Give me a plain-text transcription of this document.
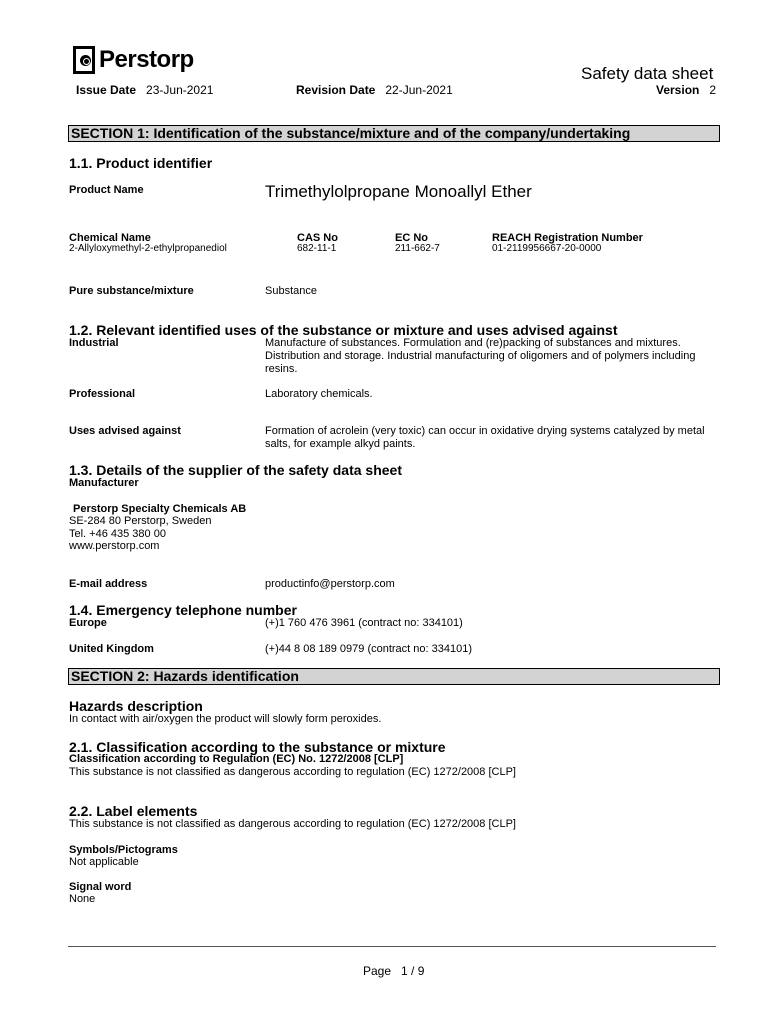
Perstorp
Safety data sheet
Issue Date 23-Jun-2021	Revision Date 22-Jun-2021	Version 2
SECTION 1: Identification of the substance/mixture and of the company/undertaking
1.1. Product identifier
Product Name	Trimethylolpropane Monoallyl Ether
Chemical Name	CAS No	EC No	REACH Registration Number
2-Allyloxymethyl-2-ethylpropanediol	682-11-1	211-662-7	01-2119956667-20-0000
Pure substance/mixture	Substance
1.2. Relevant identified uses of the substance or mixture and uses advised against
Industrial	Manufacture of substances. Formulation and (re)packing of substances and mixtures. Distribution and storage. Industrial manufacturing of oligomers and of polymers including resins.
Professional	Laboratory chemicals.
Uses advised against	Formation of acrolein (very toxic) can occur in oxidative drying systems catalyzed by metal salts, for example alkyd paints.
1.3. Details of the supplier of the safety data sheet
Manufacturer
Perstorp Specialty Chemicals AB
SE-284 80 Perstorp, Sweden
Tel. +46 435 380 00
www.perstorp.com
E-mail address	productinfo@perstorp.com
1.4. Emergency telephone number
Europe	(+)1 760 476 3961 (contract no: 334101)
United Kingdom	(+)44 8 08 189 0979 (contract no: 334101)
SECTION 2: Hazards identification
Hazards description
In contact with air/oxygen the product will slowly form peroxides.
2.1. Classification according to the substance or mixture
Classification according to Regulation (EC) No. 1272/2008 [CLP]
This substance is not classified as dangerous according to regulation (EC) 1272/2008 [CLP]
2.2. Label elements
This substance is not classified as dangerous according to regulation (EC) 1272/2008 [CLP]
Symbols/Pictograms
Not applicable
Signal word
None
Page 1 / 9
